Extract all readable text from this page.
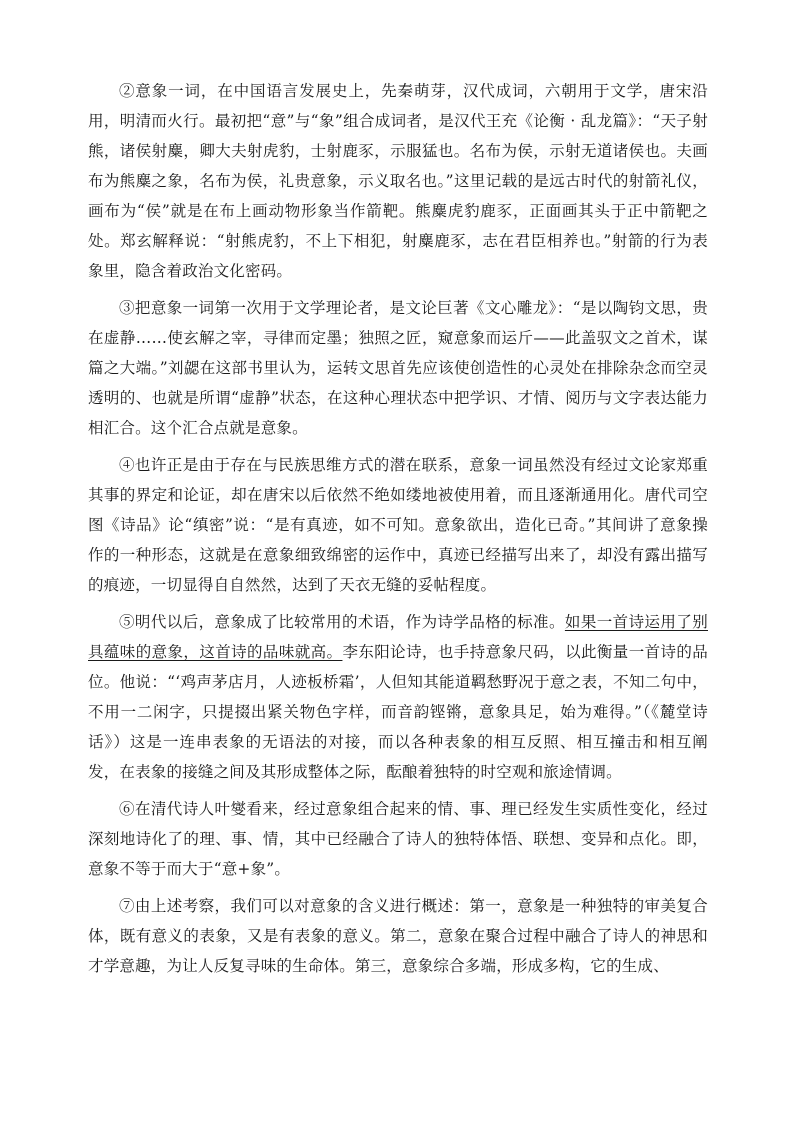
②意象一词，在中国语言发展史上，先秦萌芽，汉代成词，六朝用于文学，唐宋沿用，明清而火行。最初把“意”与“象”组合成词者，是汉代王充《论衡 · 乱龙篇》：“天子射熊，诸侯射麋，卿大夫射虎豹，士射鹿豕，示服猛也。名布为侯，示射无道诸侯也。夫画布为熊麋之象，名布为侯，礼贵意象，示义取名也。”这里记载的是远古时代的射箭礼仪，画布为“侯”就是在布上画动物形象当作箭靶。熊麋虎豹鹿豕，正面画其头于正中箭靶之处。郑玄解释说：“射熊虎豹，不上下相犯，射麋鹿豕，志在君臣相养也。”射箭的行为表象里，隐含着政治文化密码。

③把意象一词第一次用于文学理论者，是文论巨著《文心雕龙》：“是以陶钧文思，贵在虚静……使玄解之宰，寻律而定墨；独照之匠，窥意象而运斤——此盖驭文之首术，谋篇之大端。”刘勰在这部书里认为，运转文思首先应该使创造性的心灵处在排除杂念而空灵透明的、也就是所谓“虚静”状态，在这种心理状态中把学识、才情、阅历与文字表达能力相汇合。这个汇合点就是意象。

④也许正是由于存在与民族思维方式的潜在联系，意象一词虽然没有经过文论家郑重其事的界定和论证，却在唐宋以后依然不绝如缕地被使用着，而且逐渐通用化。唐代司空图《诗品》论“缜密”说：“是有真迹，如不可知。意象欲出，造化已奇。”其间讲了意象操作的一种形态，这就是在意象细致绵密的运作中，真迹已经描写出来了，却没有露出描写的痕迹，一切显得自自然然，达到了天衣无缝的妥帖程度。

⑤明代以后，意象成了比较常用的术语，作为诗学品格的标准。如果一首诗运用了别具蕴味的意象，这首诗的品味就高。李东阳论诗，也手持意象尺码，以此衡量一首诗的品位。他说：“‘鸡声茅店月，人迹板桥霜’，人但知其能道羁愁野况于意之表，不知二句中，不用一二闲字，只提掇出紧关物色字样，而音韵铿锵，意象具足，始为难得。”（《麓堂诗话》）这是一连串表象的无语法的对接，而以各种表象的相互反照、相互撞击和相互阐发，在表象的接缝之间及其形成整体之际，酝酿着独特的时空观和旅途情调。

⑥在清代诗人叶燮看来，经过意象组合起来的情、事、理已经发生实质性变化，经过深刻地诗化了的理、事、情，其中已经融合了诗人的独特体悟、联想、变异和点化。即，意象不等于而大于“意+象”。

⑦由上述考察，我们可以对意象的含义进行概述：第一，意象是一种独特的审美复合体，既有意义的表象，又是有表象的意义。第二，意象在聚合过程中融合了诗人的神思和才学意趣，为让人反复寻味的生命体。第三，意象综合多端，形成多构，它的生成、
